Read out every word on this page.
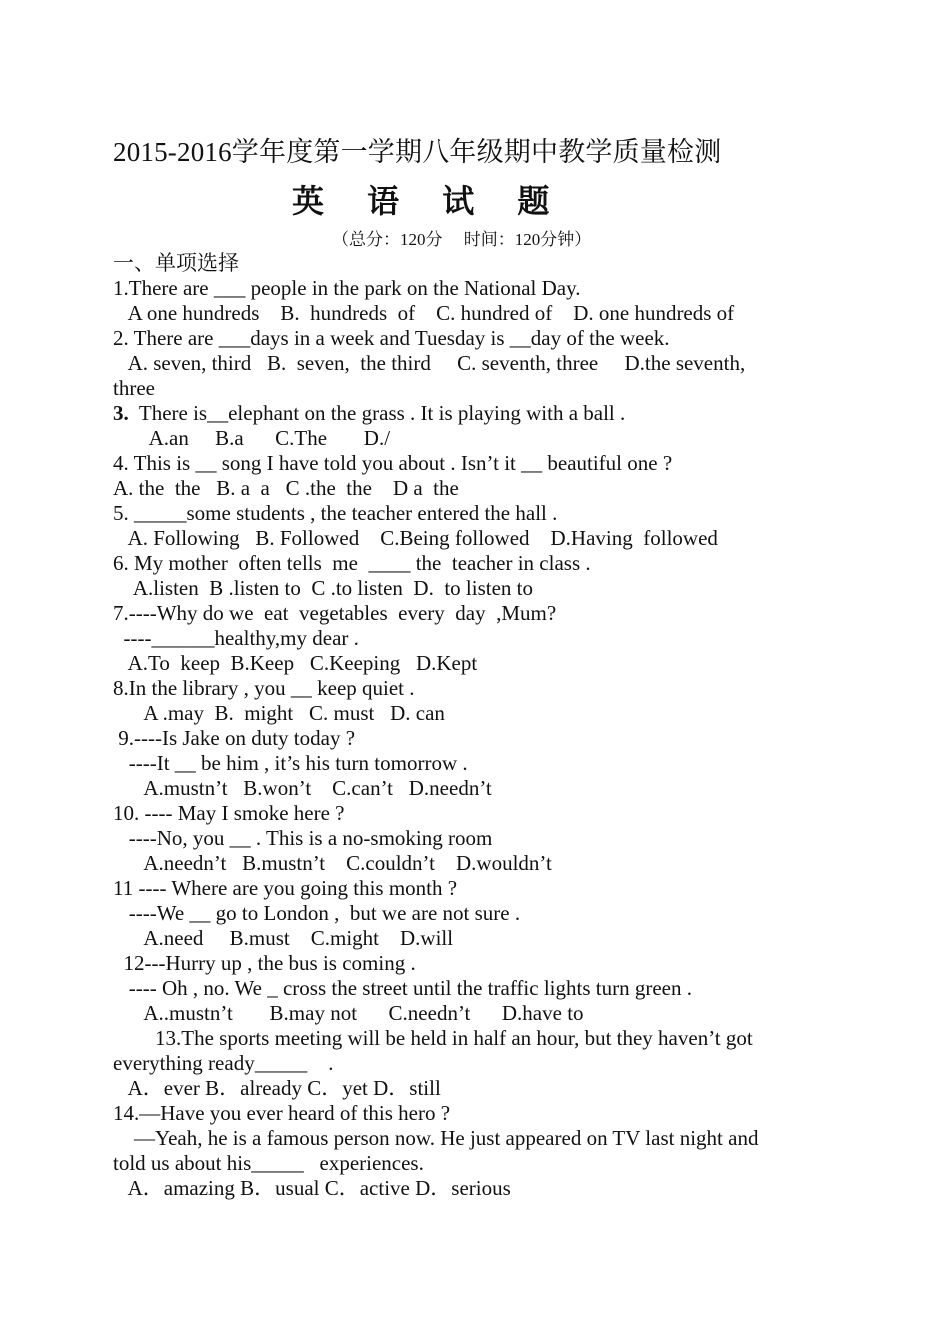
2015-2016学年度第一学期八年级期中教学质量检测
英 语 试 题
（总分：120分     时间：120分钟）
一、单项选择
1.There are ___ people in the park on the National Day.
A one hundreds    B.  hundreds  of    C. hundred of    D. one hundreds of
2. There are ___days in a week and Tuesday is __day of the week.
A. seven, third   B.  seven,  the third     C. seventh, three     D.the seventh,
three
3.  There is__elephant on the grass . It is playing with a ball .
A.an     B.a      C.The       D./
4. This is __ song I have told you about . Isn’t it __ beautiful one ?
A. the  the   B. a  a   C .the  the    D a  the
5. _____some students , the teacher entered the hall .
A. Following   B. Followed    C.Being followed    D.Having  followed
6. My mother  often tells  me  ____ the  teacher in class .
A.listen  B .listen to  C .to listen  D.  to listen to
7.----Why do we  eat  vegetables  every  day  ,Mum?
----______healthy,my dear .
A.To  keep  B.Keep   C.Keeping   D.Kept
8.In the library , you __ keep quiet .
A .may  B.  might   C. must   D. can
9.----Is Jake on duty today ?
----It __ be him , it’s his turn tomorrow .
A.mustn’t   B.won’t    C.can’t   D.needn’t
10. ---- May I smoke here ?
----No, you __ . This is a no-smoking room
A.needn’t   B.mustn’t    C.couldn’t    D.wouldn’t
11 ---- Where are you going this month ?
----We __ go to London ,  but we are not sure .
A.need     B.must    C.might    D.will
12---Hurry up , the bus is coming .
---- Oh , no. We _ cross the street until the traffic lights turn green .
A..mustn’t       B.may not      C.needn’t      D.have to
13.The sports meeting will be held in half an hour, but they haven’t got
everything ready_____    .
A．ever B．already C．yet D．still
14.—Have you ever heard of this hero ?
—Yeah, he is a famous person now. He just appeared on TV last night and
told us about his_____   experiences.
A．amazing B．usual C．active D．serious
